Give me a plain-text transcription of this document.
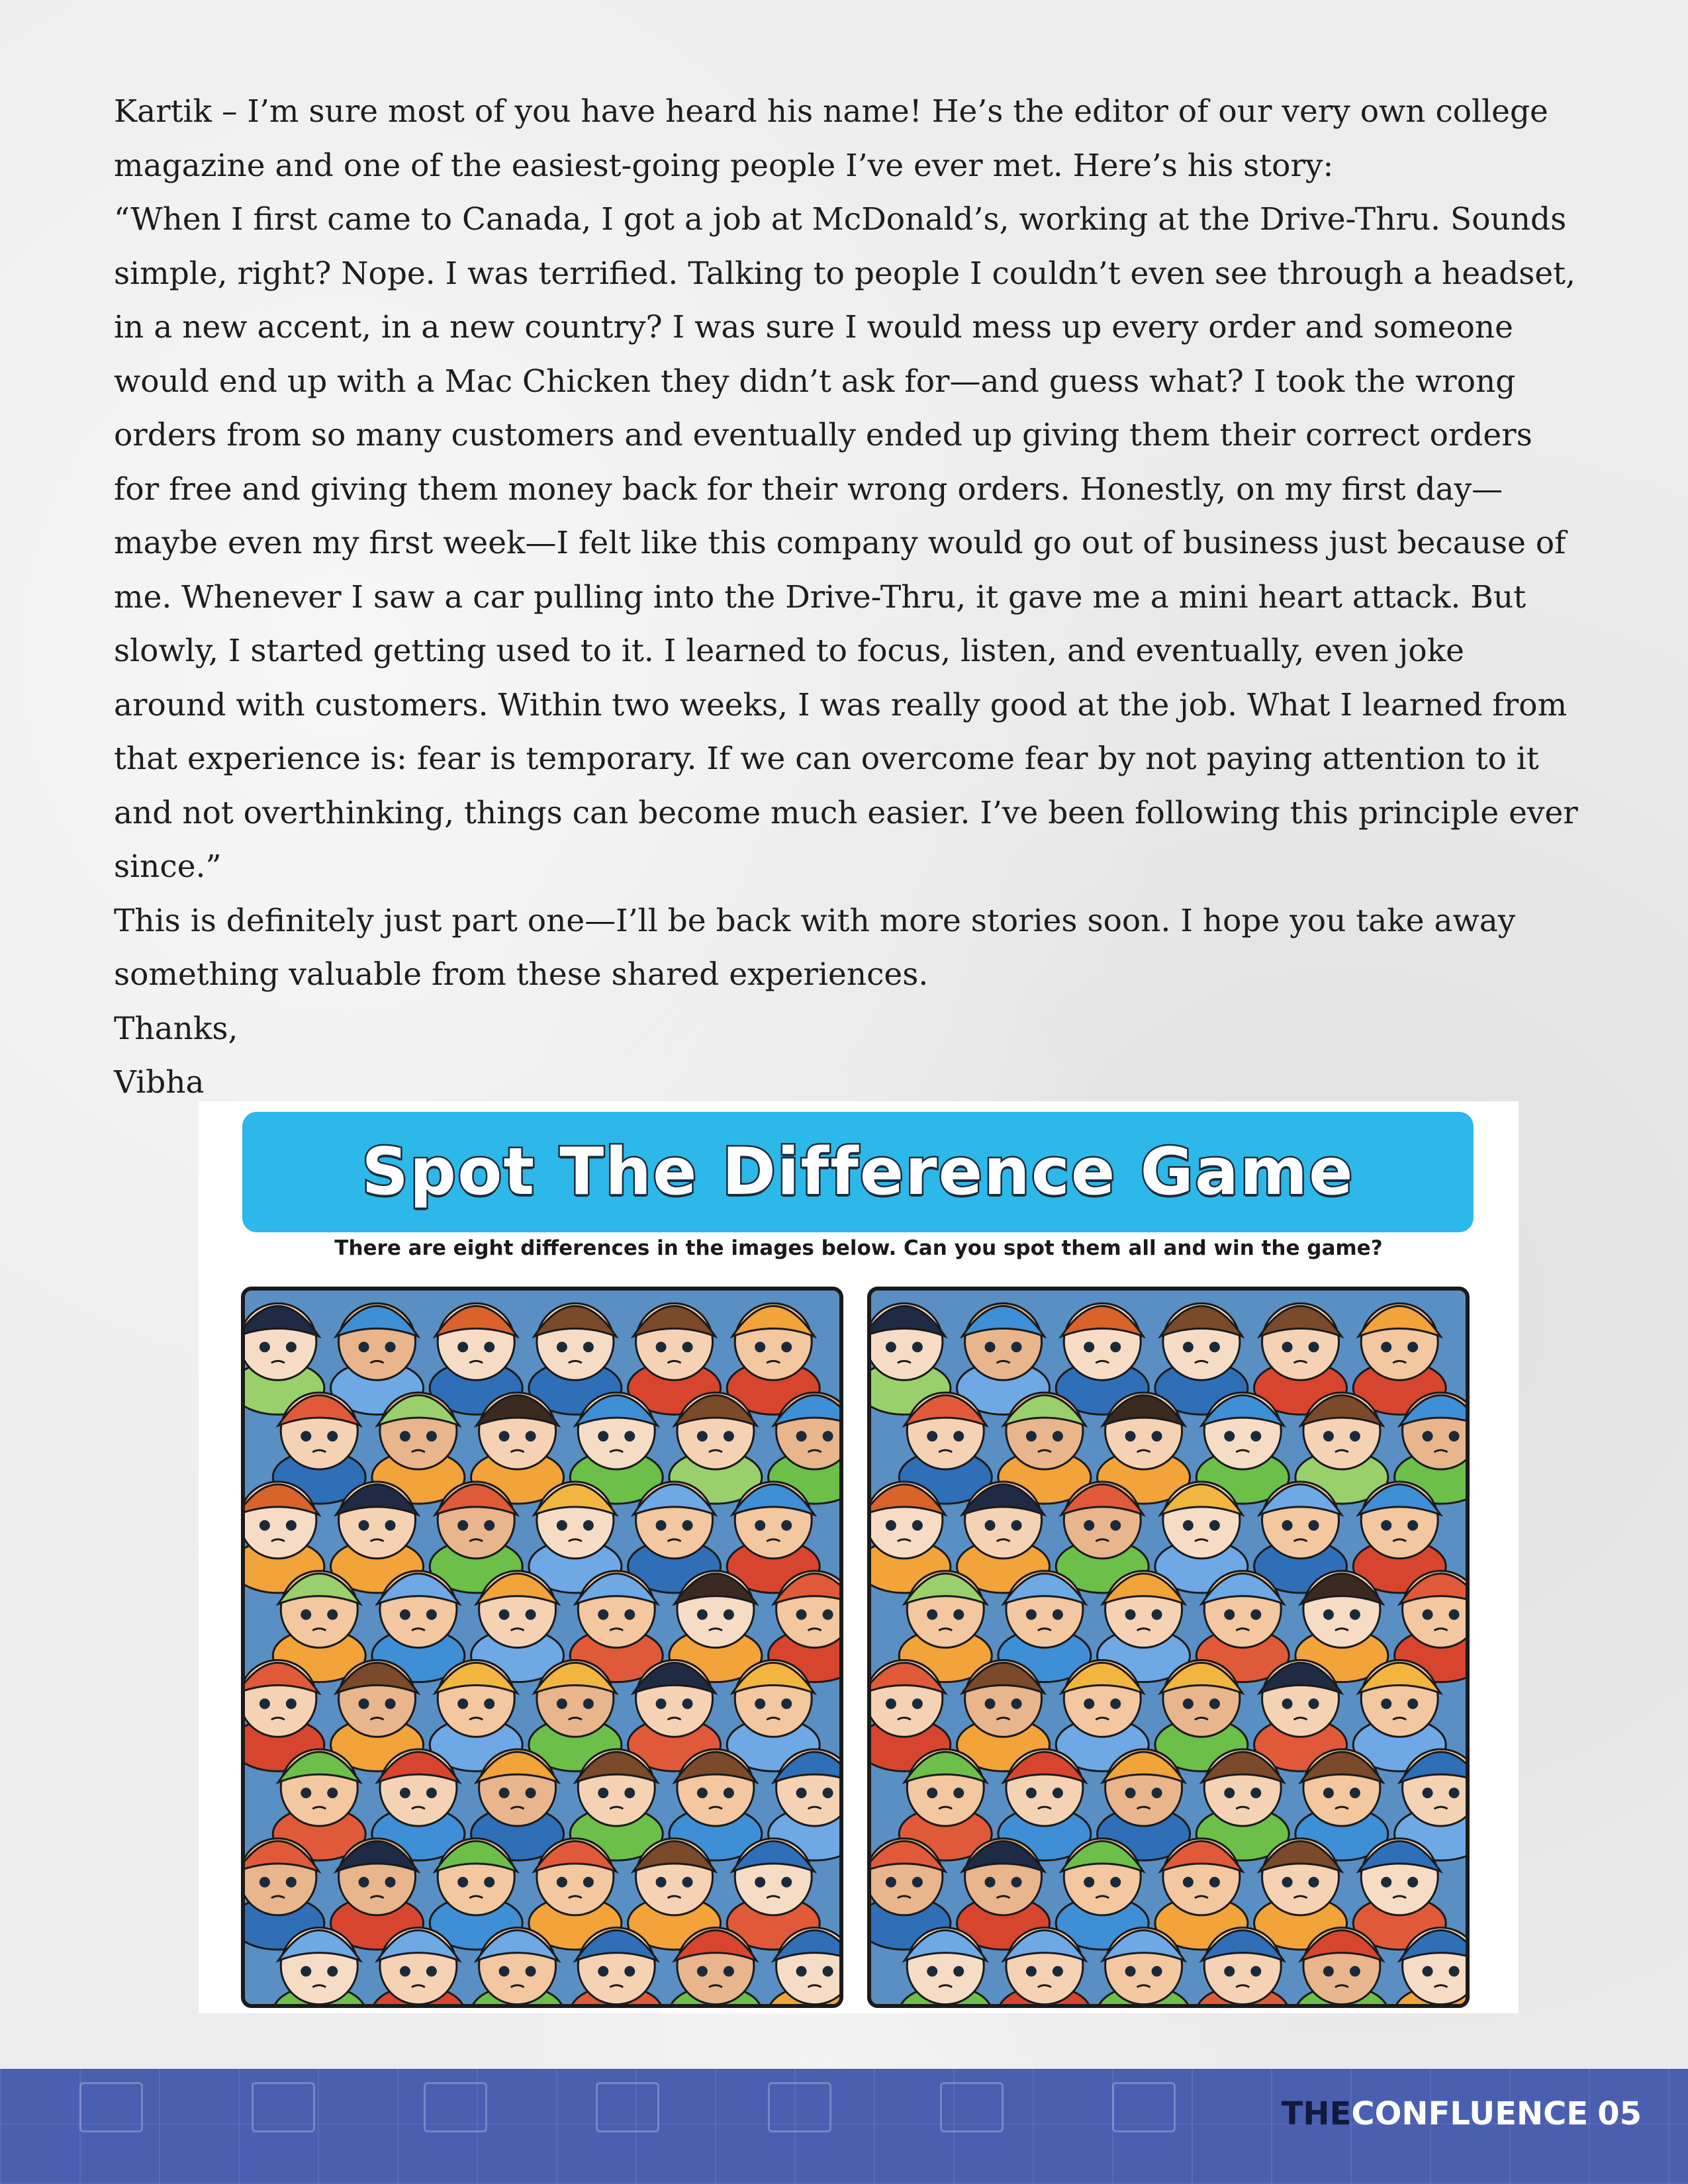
Kartik – I’m sure most of you have heard his name! He’s the editor of our very own college magazine and one of the easiest-going people I’ve ever met. Here’s his story:

“When I first came to Canada, I got a job at McDonald’s, working at the Drive-Thru. Sounds simple, right? Nope. I was terrified. Talking to people I couldn’t even see through a headset, in a new accent, in a new country? I was sure I would mess up every order and someone would end up with a Mac Chicken they didn’t ask for—and guess what? I took the wrong orders from so many customers and eventually ended up giving them their correct orders for free and giving them money back for their wrong orders. Honestly, on my first day—maybe even my first week—I felt like this company would go out of business just because of me. Whenever I saw a car pulling into the Drive-Thru, it gave me a mini heart attack. But slowly, I started getting used to it. I learned to focus, listen, and eventually, even joke around with customers. Within two weeks, I was really good at the job. What I learned from that experience is: fear is temporary. If we can overcome fear by not paying attention to it and not overthinking, things can become much easier. I’ve been following this principle ever since.”

This is definitely just part one—I’ll be back with more stories soon. I hope you take away something valuable from these shared experiences.

Thanks,

Vibha

Spot The Difference Game
There are eight differences in the images below. Can you spot them all and win the game?
THECONFLUENCE 05
